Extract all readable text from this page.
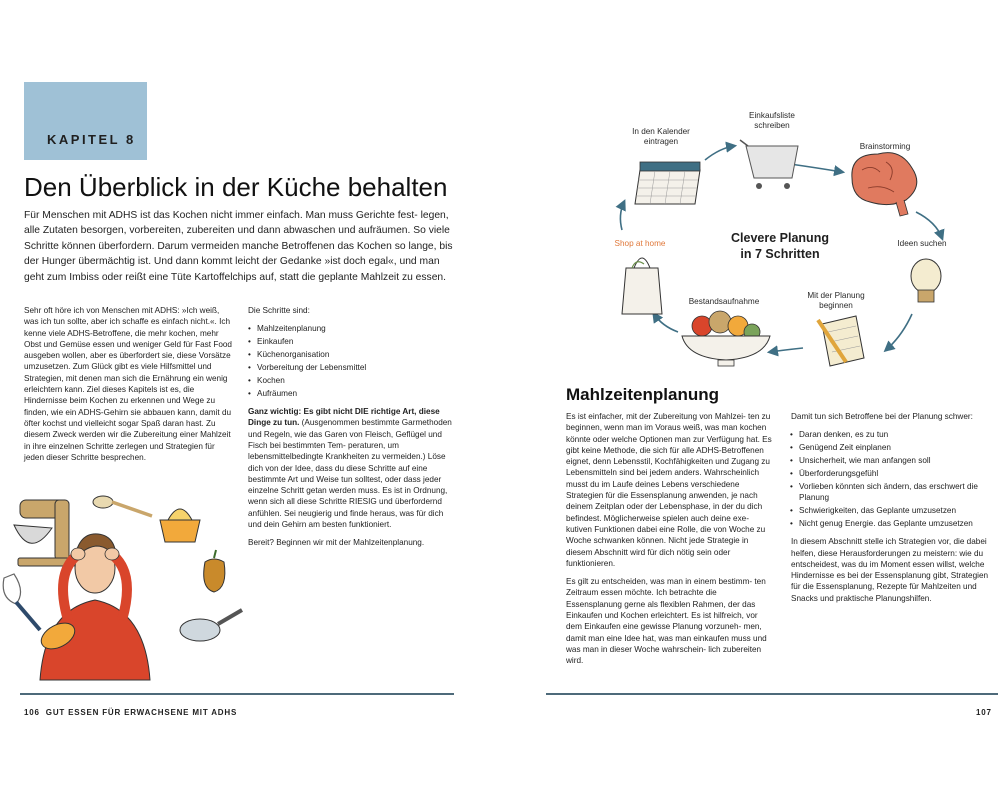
KAPITEL 8
Den Überblick in der Küche behalten

Für Menschen mit ADHS ist das Kochen nicht immer einfach. Man muss Gerichte fest- legen, alle Zutaten besorgen, vorbereiten, zubereiten und dann abwaschen und aufräumen. So viele Schritte können überfordern. Darum vermeiden manche Betroffenen das Kochen so lange, bis der Hunger übermächtig ist. Und dann kommt leicht der Gedanke »ist doch egal«, und man geht zum Imbiss oder reißt eine Tüte Kartoffelchips auf, statt die geplante Mahlzeit zu essen.

Sehr oft höre ich von Menschen mit ADHS: »Ich weiß, was ich tun sollte, aber ich schaffe es einfach nicht.«. Ich kenne viele ADHS-Betroffene, die mehr kochen, mehr Obst und Gemüse essen und weniger Geld für Fast Food ausgeben wollen, aber es überfordert sie, diese Vorsätze umzusetzen. Zum Glück gibt es viele Hilfsmittel und Strategien, mit denen man sich die Ernährung ein wenig erleichtern kann. Ziel dieses Kapitels ist es, die Hindernisse beim Kochen zu erkennen und Wege zu finden, wie ein ADHS-Gehirn sie abbauen kann, damit du öfter kochst und vielleicht sogar Spaß daran hast. Zu diesem Zweck werden wir die Zubereitung einer Mahlzeit in ihre einzelnen Schritte zerlegen und Strategien für jeden dieser Schritte besprechen.

Die Schritte sind:

• Mahlzeitenplanung
• Einkaufen
• Küchenorganisation
• Vorbereitung der Lebensmittel
• Kochen
• Aufräumen

Ganz wichtig: Es gibt nicht DIE richtige Art, diese Dinge zu tun. (Ausgenommen bestimmte Garmethoden und Regeln, wie das Garen von Fleisch, Geflügel und Fisch bei bestimmten Tem- peraturen, um lebensmittelbedingte Krankheiten zu vermeiden.) Löse dich von der Idee, dass du diese Schritte auf eine bestimmte Art und Weise tun solltest, oder dass jeder einzelne Schritt getan werden muss. Es ist in Ordnung, wenn sich all diese Schritte RIESIG und überfordernd anfühlen. Sei neugierig und finde heraus, was für dich und dein Gehirn am besten funktioniert.

Bereit? Beginnen wir mit der Mahlzeitenplanung.

106 GUT ESSEN FÜR ERWACHSENE MIT ADHS
Einkaufsliste schreiben
In den Kalender eintragen
Brainstorming
Shop at home	Ideen suchen
Bestandsaufnahme
Mit der Planung beginnen
Clevere Planung
in 7 Schritten
Mahlzeitenplanung

Es ist einfacher, mit der Zubereitung von Mahlzei- ten zu beginnen, wenn man im Voraus weiß, was man kochen könnte oder welche Optionen man zur Verfügung hat. Es gibt keine Methode, die sich für alle ADHS-Betroffenen eignet, denn Lebensstil, Kochfähigkeiten und Zugang zu Lebensmitteln sind bei jedem anders. Wahrscheinlich musst du im Laufe deines Lebens verschiedene Strategien für die Essensplanung anwenden, je nach deinem Zeitplan oder der Lebensphase, in der du dich befindest. Möglicherweise spielen auch deine exe- kutiven Funktionen dabei eine Rolle, die von Woche zu Woche schwanken können. Nicht jede Strategie in diesem Abschnitt wird für dich nötig sein oder funktionieren.

Es gilt zu entscheiden, was man in einem bestimm- ten Zeitraum essen möchte. Ich betrachte die Essensplanung gerne als flexiblen Rahmen, der das Einkaufen und Kochen erleichtert. Es ist hilfreich, vor dem Einkaufen eine gewisse Planung vorzuneh- men, damit man eine Idee hat, was man einkaufen muss und was man in dieser Woche wahrschein- lich zubereiten wird.

Damit tun sich Betroffene bei der Planung schwer:

• Daran denken, es zu tun
• Genügend Zeit einplanen
• Unsicherheit, wie man anfangen soll
• Überforderungsgefühl
• Vorlieben könnten sich ändern, das erschwert die Planung
• Schwierigkeiten, das Geplante umzusetzen
• Nicht genug Energie. das Geplante umzusetzen

In diesem Abschnitt stelle ich Strategien vor, die dabei helfen, diese Herausforderungen zu meistern: wie du entscheidest, was du im Moment essen willst, welche Hindernisse es bei der Essensplanung gibt, Strategien für die Essensplanung, Rezepte für Mahlzeiten und Snacks und praktische Planungshilfen.

107
